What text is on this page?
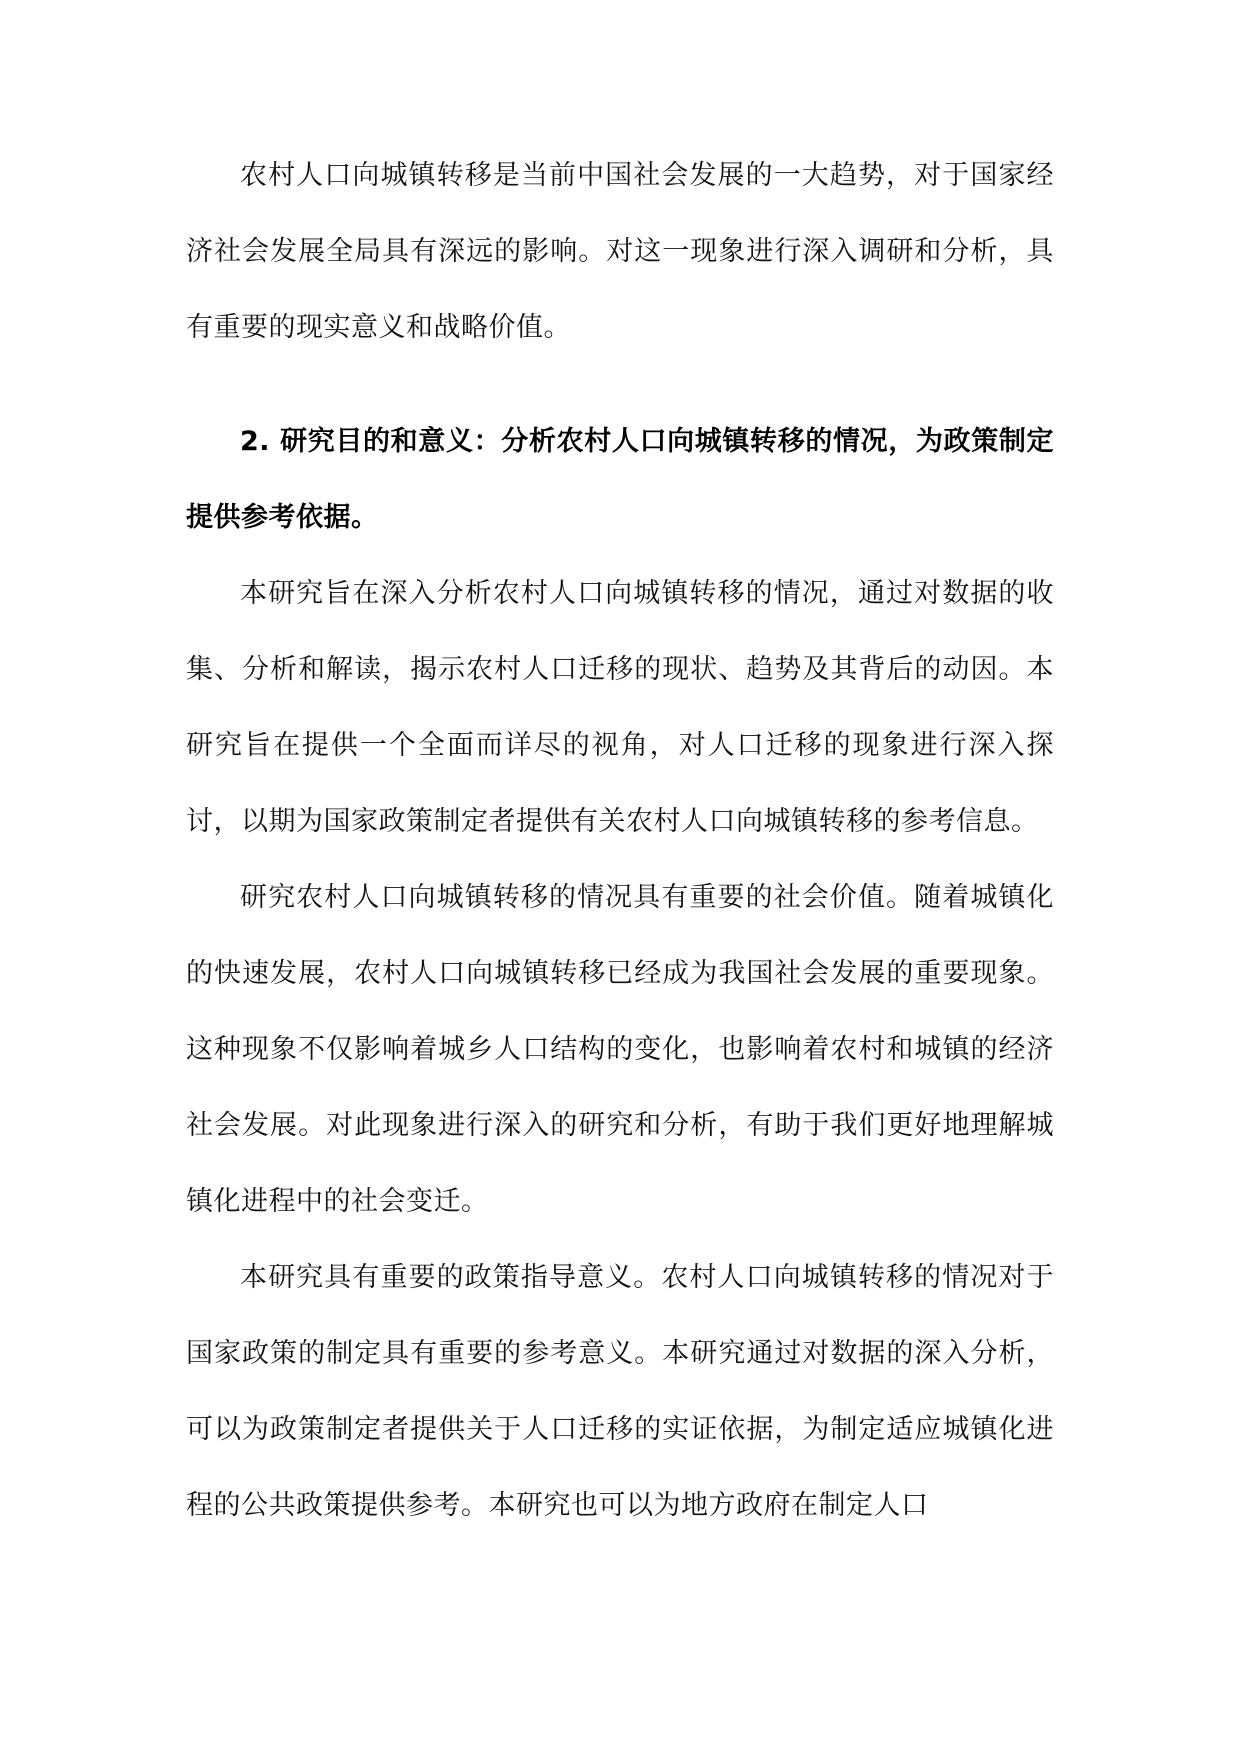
农村人口向城镇转移是当前中国社会发展的一大趋势，对于国家经济社会发展全局具有深远的影响。对这一现象进行深入调研和分析，具有重要的现实意义和战略价值。

2. 研究目的和意义：分析农村人口向城镇转移的情况，为政策制定提供参考依据。

本研究旨在深入分析农村人口向城镇转移的情况，通过对数据的收集、分析和解读，揭示农村人口迁移的现状、趋势及其背后的动因。本研究旨在提供一个全面而详尽的视角，对人口迁移的现象进行深入探讨，以期为国家政策制定者提供有关农村人口向城镇转移的参考信息。

研究农村人口向城镇转移的情况具有重要的社会价值。随着城镇化的快速发展，农村人口向城镇转移已经成为我国社会发展的重要现象。这种现象不仅影响着城乡人口结构的变化，也影响着农村和城镇的经济社会发展。对此现象进行深入的研究和分析，有助于我们更好地理解城镇化进程中的社会变迁。

本研究具有重要的政策指导意义。农村人口向城镇转移的情况对于国家政策的制定具有重要的参考意义。本研究通过对数据的深入分析，可以为政策制定者提供关于人口迁移的实证依据，为制定适应城镇化进程的公共政策提供参考。本研究也可以为地方政府在制定人口
